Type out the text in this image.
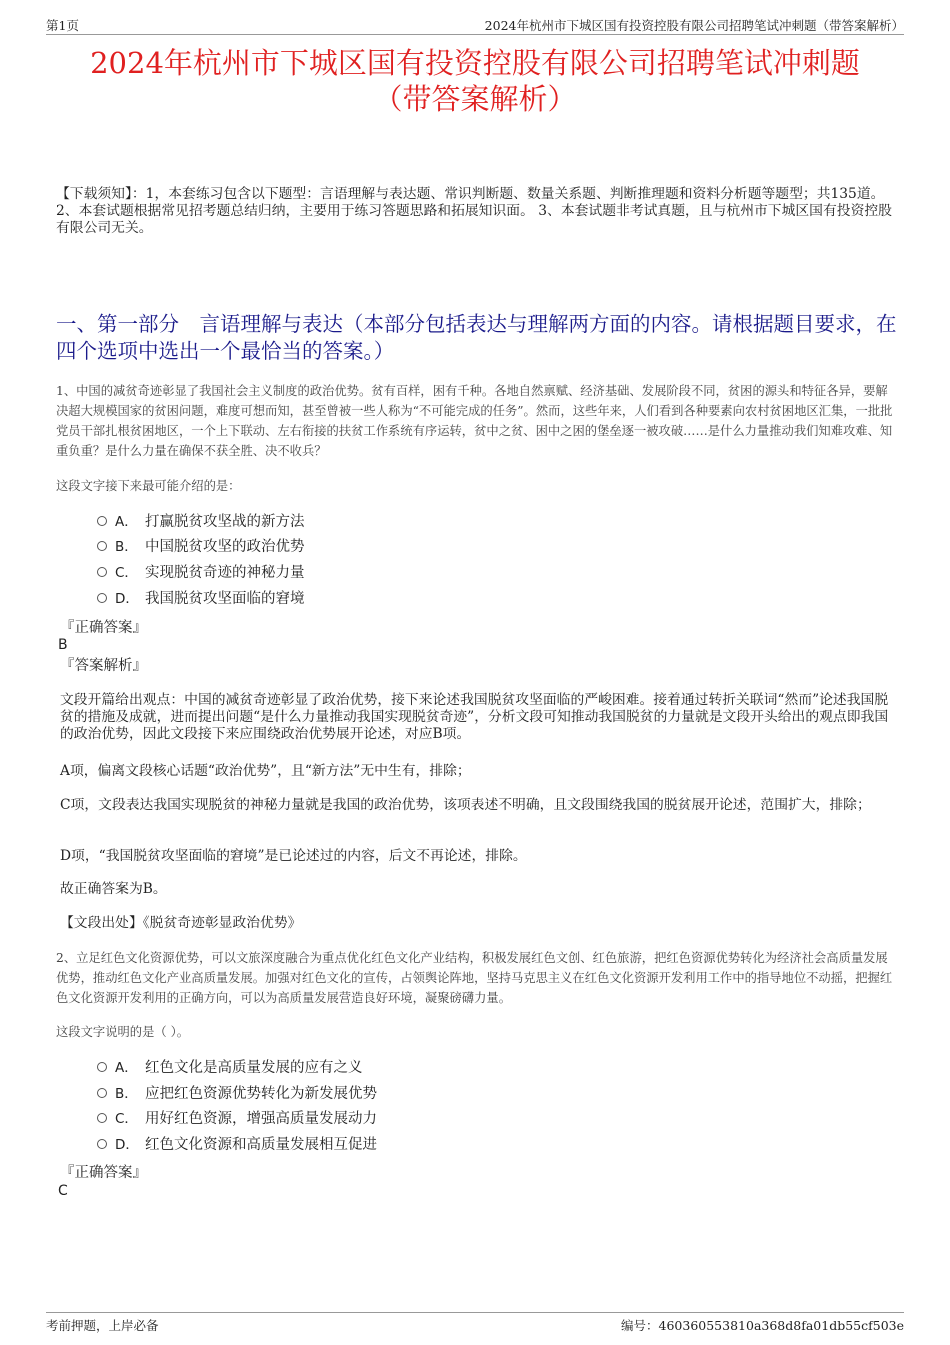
第1页	2024年杭州市下城区国有投资控股有限公司招聘笔试冲刺题（带答案解析）
2024年杭州市下城区国有投资控股有限公司招聘笔试冲刺题
（带答案解析）
【下载须知】：1，本套练习包含以下题型：言语理解与表达题、常识判断题、数量关系题、判断推理题和资料分析题等题型；共135道。 2、本套试题根据常见招考题总结归纳，主要用于练习答题思路和拓展知识面。 3、本套试题非考试真题，且与杭州市下城区国有投资控股有限公司无关。
一、第一部分　言语理解与表达（本部分包括表达与理解两方面的内容。请根据题目要求，在四个选项中选出一个最恰当的答案。）
1、中国的减贫奇迹彰显了我国社会主义制度的政治优势。贫有百样，困有千种。各地自然禀赋、经济基础、发展阶段不同，贫困的源头和特征各异，要解决超大规模国家的贫困问题，难度可想而知，甚至曾被一些人称为“不可能完成的任务”。然而，这些年来，人们看到各种要素向农村贫困地区汇集，一批批党员干部扎根贫困地区，一个上下联动、左右衔接的扶贫工作系统有序运转，贫中之贫、困中之困的堡垒逐一被攻破……是什么力量推动我们知难攻难、知重负重？是什么力量在确保不获全胜、决不收兵？
这段文字接下来最可能介绍的是：
A． 打赢脱贫攻坚战的新方法
B． 中国脱贫攻坚的政治优势
C． 实现脱贫奇迹的神秘力量
D． 我国脱贫攻坚面临的窘境
『正确答案』
B
『答案解析』
文段开篇给出观点：中国的减贫奇迹彰显了政治优势，接下来论述我国脱贫攻坚面临的严峻困难。接着通过转折关联词“然而”论述我国脱贫的措施及成就，进而提出问题“是什么力量推动我国实现脱贫奇迹”，分析文段可知推动我国脱贫的力量就是文段开头给出的观点即我国的政治优势，因此文段接下来应围绕政治优势展开论述，对应B项。
A项，偏离文段核心话题“政治优势”，且“新方法”无中生有，排除；
C项，文段表达我国实现脱贫的神秘力量就是我国的政治优势，该项表述不明确，且文段围绕我国的脱贫展开论述，范围扩大，排除；
D项，“我国脱贫攻坚面临的窘境”是已论述过的内容，后文不再论述，排除。
故正确答案为B。
【文段出处】《脱贫奇迹彰显政治优势》
2、立足红色文化资源优势，可以文旅深度融合为重点优化红色文化产业结构，积极发展红色文创、红色旅游，把红色资源优势转化为经济社会高质量发展优势，推动红色文化产业高质量发展。加强对红色文化的宣传，占领舆论阵地，坚持马克思主义在红色文化资源开发利用工作中的指导地位不动摇，把握红色文化资源开发利用的正确方向，可以为高质量发展营造良好环境，凝聚磅礴力量。
这段文字说明的是（ ）。
A． 红色文化是高质量发展的应有之义
B． 应把红色资源优势转化为新发展优势
C． 用好红色资源，增强高质量发展动力
D． 红色文化资源和高质量发展相互促进
『正确答案』
C
考前押题，上岸必备	编号：460360553810a368d8fa01db55cf503e
